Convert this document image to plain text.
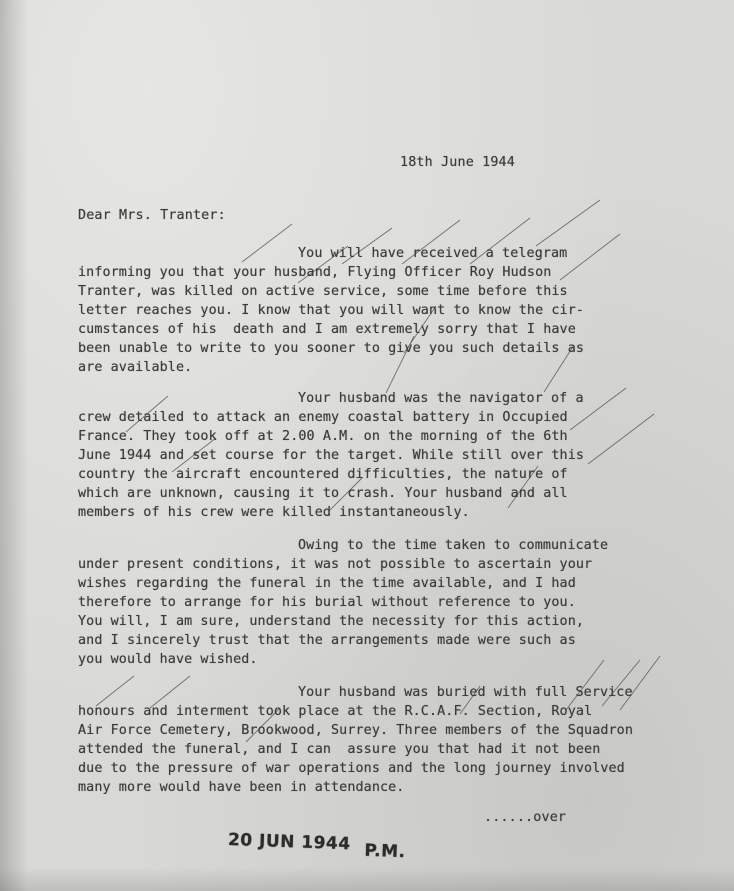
18th June 1944
Dear Mrs. Tranter:
You will have received a telegram
informing you that your husband, Flying Officer Roy Hudson
Tranter, was killed on active service, some time before this
letter reaches you. I know that you will want to know the cir-
cumstances of his  death and I am extremely sorry that I have
been unable to write to you sooner to give you such details as
are available.
Your husband was the navigator of a
crew detailed to attack an enemy coastal battery in Occupied
France. They took off at 2.00 A.M. on the morning of the 6th
June 1944 and set course for the target. While still over this
country the aircraft encountered difficulties, the nature of
which are unknown, causing it to crash. Your husband and all
members of his crew were killed instantaneously.
Owing to the time taken to communicate
under present conditions, it was not possible to ascertain your
wishes regarding the funeral in the time available, and I had
therefore to arrange for his burial without reference to you.
You will, I am sure, understand the necessity for this action,
and I sincerely trust that the arrangements made were such as
you would have wished.
Your husband was buried with full Service
honours and interment took place at the R.C.A.F. Section, Royal
Air Force Cemetery, Brookwood, Surrey. Three members of the Squadron
attended the funeral, and I can  assure you that had it not been
due to the pressure of war operations and the long journey involved
many more would have been in attendance.
......over
20 JUN 1944 P.M.
